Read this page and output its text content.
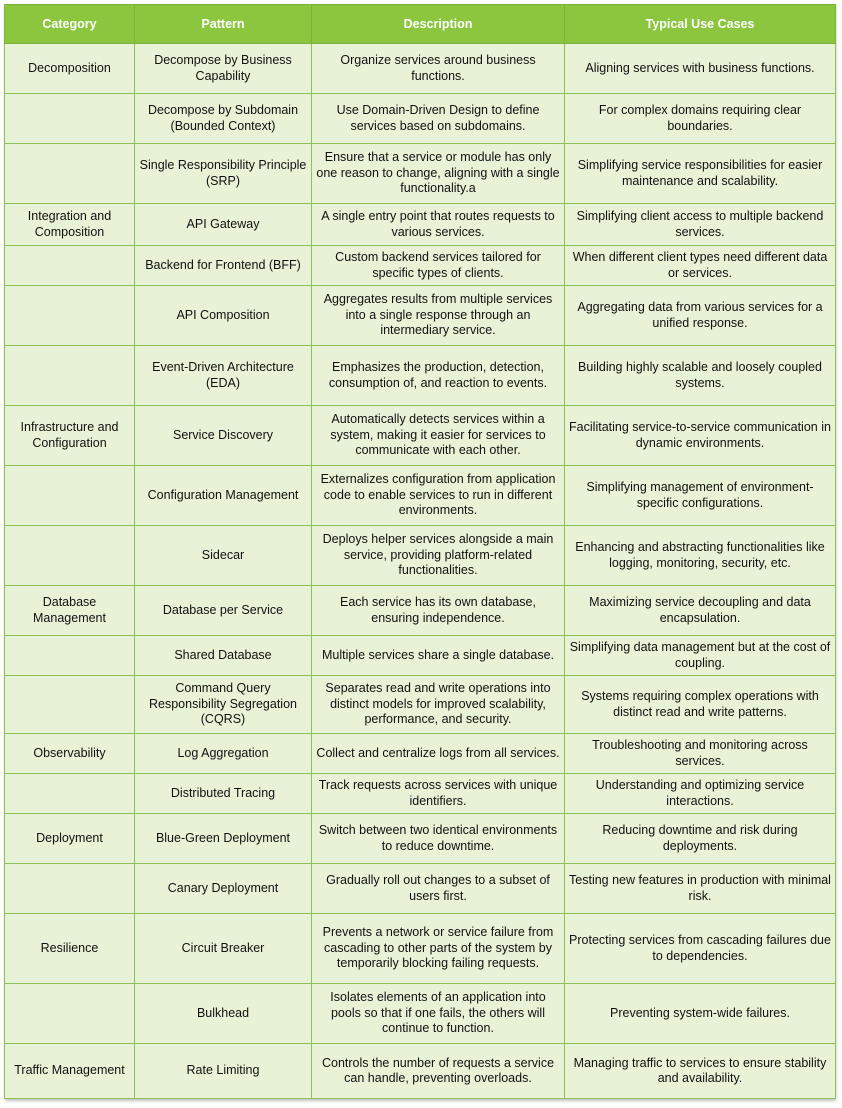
Category	Pattern	Description	Typical Use Cases
Decomposition	Decompose by Business Capability	Organize services around business functions.	Aligning services with business functions.
	Decompose by Subdomain (Bounded Context)	Use Domain-Driven Design to define services based on subdomains.	For complex domains requiring clear boundaries.
	Single Responsibility Principle (SRP)	Ensure that a service or module has only one reason to change, aligning with a single functionality.a	Simplifying service responsibilities for easier maintenance and scalability.
Integration and Composition	API Gateway	A single entry point that routes requests to various services.	Simplifying client access to multiple backend services.
	Backend for Frontend (BFF)	Custom backend services tailored for specific types of clients.	When different client types need different data or services.
	API Composition	Aggregates results from multiple services into a single response through an intermediary service.	Aggregating data from various services for a unified response.
	Event-Driven Architecture (EDA)	Emphasizes the production, detection, consumption of, and reaction to events.	Building highly scalable and loosely coupled systems.
Infrastructure and Configuration	Service Discovery	Automatically detects services within a system, making it easier for services to communicate with each other.	Facilitating service-to-service communication in dynamic environments.
	Configuration Management	Externalizes configuration from application code to enable services to run in different environments.	Simplifying management of environment-specific configurations.
	Sidecar	Deploys helper services alongside a main service, providing platform-related functionalities.	Enhancing and abstracting functionalities like logging, monitoring, security, etc.
Database Management	Database per Service	Each service has its own database, ensuring independence.	Maximizing service decoupling and data encapsulation.
	Shared Database	Multiple services share a single database.	Simplifying data management but at the cost of coupling.
	Command Query Responsibility Segregation (CQRS)	Separates read and write operations into distinct models for improved scalability, performance, and security.	Systems requiring complex operations with distinct read and write patterns.
Observability	Log Aggregation	Collect and centralize logs from all services.	Troubleshooting and monitoring across services.
	Distributed Tracing	Track requests across services with unique identifiers.	Understanding and optimizing service interactions.
Deployment	Blue-Green Deployment	Switch between two identical environments to reduce downtime.	Reducing downtime and risk during deployments.
	Canary Deployment	Gradually roll out changes to a subset of users first.	Testing new features in production with minimal risk.
Resilience	Circuit Breaker	Prevents a network or service failure from cascading to other parts of the system by temporarily blocking failing requests.	Protecting services from cascading failures due to dependencies.
	Bulkhead	Isolates elements of an application into pools so that if one fails, the others will continue to function.	Preventing system-wide failures.
Traffic Management	Rate Limiting	Controls the number of requests a service can handle, preventing overloads.	Managing traffic to services to ensure stability and availability.
